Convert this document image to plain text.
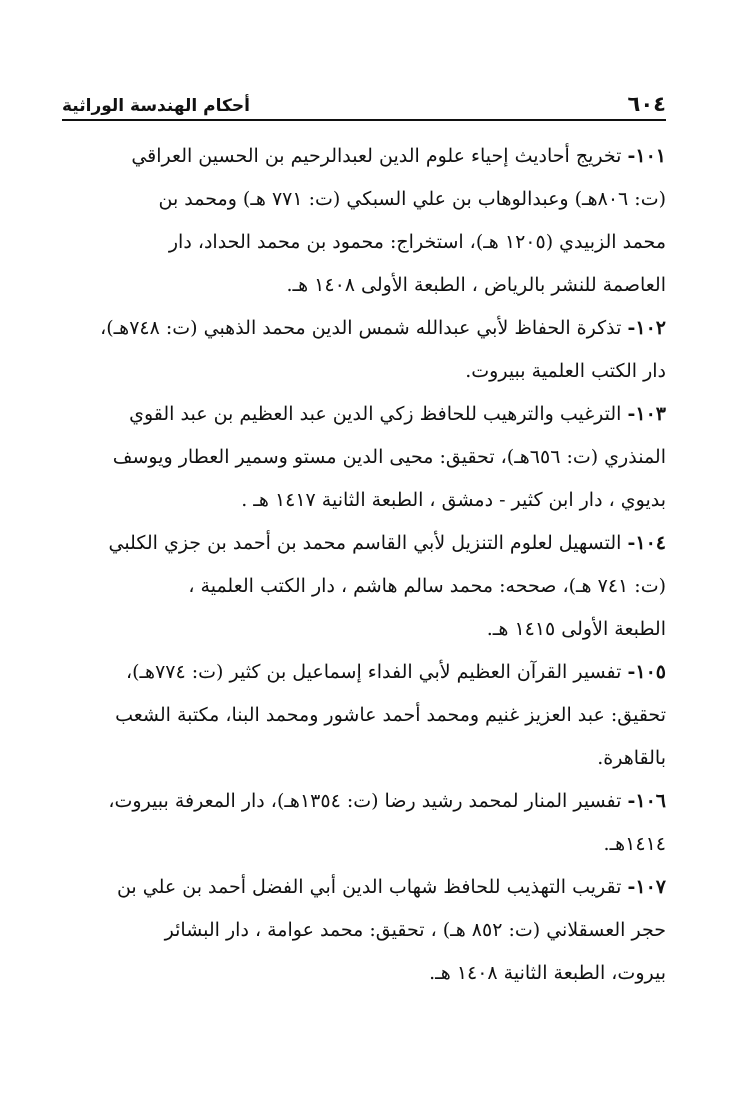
٦٠٤
أحكام الهندسة الوراثية
١٠١- تخريج أحاديث إحياء علوم الدين لعبدالرحيم بن الحسين العراقي
(ت: ٨٠٦هـ) وعبدالوهاب بن علي السبكي (ت: ٧٧١ هـ) ومحمد بن
محمد الزبيدي (١٢٠٥ هـ)، استخراج: محمود بن محمد الحداد، دار
العاصمة للنشر بالرياض ، الطبعة الأولى ١٤٠٨ هـ.
١٠٢- تذكرة الحفاظ لأبي عبدالله شمس الدين محمد الذهبي (ت: ٧٤٨هـ)،
دار الكتب العلمية ببيروت.
١٠٣- الترغيب والترهيب للحافظ زكي الدين عبد العظيم بن عبد القوي
المنذري (ت: ٦٥٦هـ)، تحقيق: محيى الدين مستو وسمير العطار ويوسف
بديوي ، دار ابن كثير - دمشق ، الطبعة الثانية ١٤١٧ هـ .
١٠٤- التسهيل لعلوم التنزيل لأبي القاسم محمد بن أحمد بن جزي الكلبي
(ت: ٧٤١ هـ)، صححه: محمد سالم هاشم ، دار الكتب العلمية ،
الطبعة الأولى ١٤١٥ هـ.
١٠٥- تفسير القرآن العظيم لأبي الفداء إسماعيل بن كثير (ت: ٧٧٤هـ)،
تحقيق: عبد العزيز غنيم ومحمد أحمد عاشور ومحمد البنا، مكتبة الشعب
بالقاهرة.
١٠٦- تفسير المنار لمحمد رشيد رضا (ت: ١٣٥٤هـ)، دار المعرفة ببيروت،
١٤١٤هـ.
١٠٧- تقريب التهذيب للحافظ شهاب الدين أبي الفضل أحمد بن علي بن
حجر العسقلاني (ت: ٨٥٢ هـ) ، تحقيق: محمد عوامة ، دار البشائر
بيروت، الطبعة الثانية ١٤٠٨ هـ.
